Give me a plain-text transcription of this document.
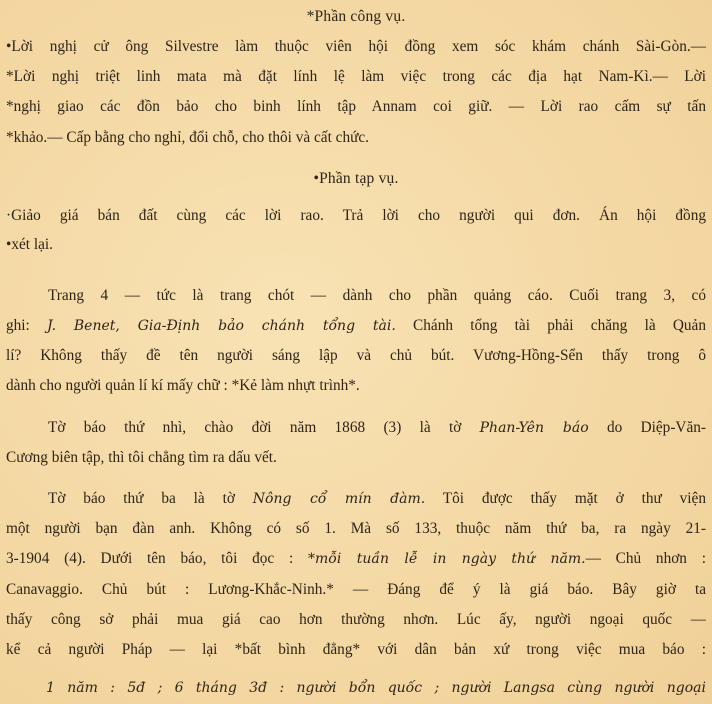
*Phần công vụ.
•Lời nghị cử ông Silvestre làm thuộc viên hội đồng xem sóc khám chánh Sài-Gòn.—
*Lời nghị triệt linh mata mà đặt lính lệ làm việc trong các địa hạt Nam-Kì.— Lời
*nghị giao các đồn bảo cho binh lính tập Annam coi giữ. — Lời rao cấm sự tấn
*khảo.— Cấp bằng cho nghỉ, đổi chỗ, cho thôi và cất chức.
•Phần tạp vụ.
·Giảo giá bán đất cùng các lời rao. Trả lời cho người qui đơn. Án hội đồng
•xét lại.
Trang 4 — tức là trang chót — dành cho phần quảng cáo. Cuối trang 3, có
ghi: J. Benet, Gia-Định bảo chánh tổng tài. Chánh tổng tài phải chăng là Quản
lí? Không thấy đề tên người sáng lập và chủ bút. Vương-Hồng-Sển thấy trong ô
dành cho người quản lí kí mấy chữ : *Kẻ làm nhựt trình*.
Tờ báo thứ nhì, chào đời năm 1868 (3) là tờ Phan-Yên báo do Diệp-Văn-
Cương biên tập, thì tôi chẳng tìm ra dấu vết.
Tờ báo thứ ba là tờ Nông cổ mín đàm. Tôi được thấy mặt ở thư viện
một người bạn đàn anh. Không có số 1. Mà số 133, thuộc năm thứ ba, ra ngày 21-
3-1904 (4). Dưới tên báo, tôi đọc : *mỗi tuần lễ in ngày thứ năm.— Chủ nhơn :
Canavaggio. Chủ bút : Lương-Khắc-Ninh.* — Đáng để ý là giá báo. Bây giờ ta
thấy công sở phải mua giá cao hơn thường nhơn. Lúc ấy, người ngoại quốc —
kể cả người Pháp — lại *bất bình đẳng* với dân bản xứ trong việc mua báo :
1 năm : 5đ ; 6 tháng 3đ : người bổn quốc ; người Langsa cùng người ngoại
